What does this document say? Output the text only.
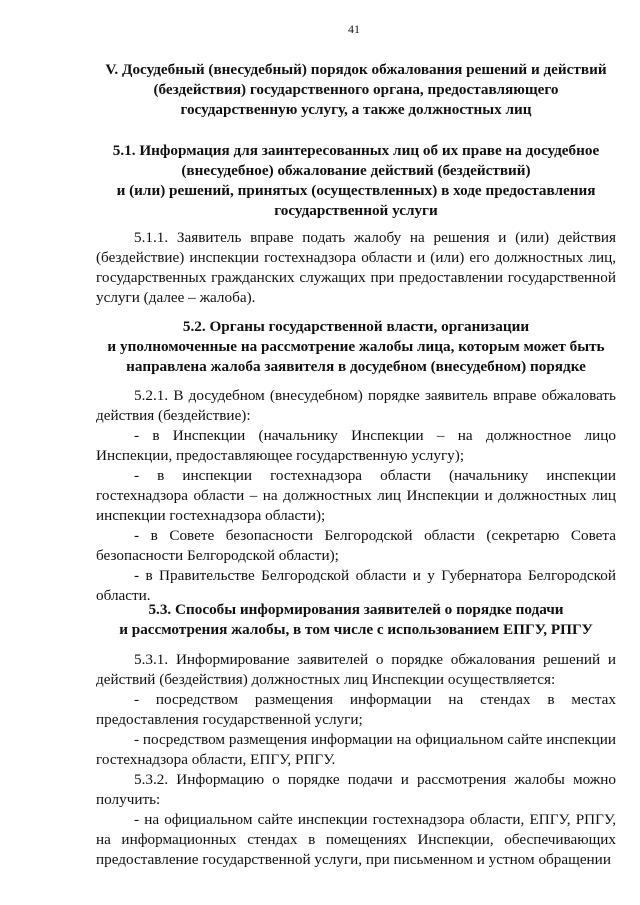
41
V. Досудебный (внесудебный) порядок обжалования решений и действий
(бездействия) государственного органа, предоставляющего
государственную услугу, а также должностных лиц
5.1. Информация для заинтересованных лиц об их праве на досудебное
(внесудебное) обжалование действий (бездействий)
и (или) решений, принятых (осуществленных) в ходе предоставления
государственной услуги

5.1.1. Заявитель вправе подать жалобу на решения и (или) действия (бездействие) инспекции гостехнадзора области и (или) его должностных лиц, государственных гражданских служащих при предоставлении государственной услуги (далее – жалоба).

5.2. Органы государственной власти, организации
и уполномоченные на рассмотрение жалобы лица, которым может быть
направлена жалоба заявителя в досудебном (внесудебном) порядке

5.2.1. В досудебном (внесудебном) порядке заявитель вправе обжаловать действия (бездействие):

- в Инспекции (начальнику Инспекции – на должностное лицо Инспекции, предоставляющее государственную услугу);

- в инспекции гостехнадзора области (начальнику инспекции гостехнадзора области – на должностных лиц Инспекции и должностных лиц инспекции гостехнадзора области);

- в Совете безопасности Белгородской области (секретарю Совета безопасности Белгородской области);

- в Правительстве Белгородской области и у Губернатора Белгородской области.

5.3. Способы информирования заявителей о порядке подачи
и рассмотрения жалобы, в том числе с использованием ЕПГУ, РПГУ

5.3.1. Информирование заявителей о порядке обжалования решений и действий (бездействия) должностных лиц Инспекции осуществляется:

- посредством размещения информации на стендах в местах предоставления государственной услуги;

- посредством размещения информации на официальном сайте инспекции гостехнадзора области, ЕПГУ, РПГУ.

5.3.2. Информацию о порядке подачи и рассмотрения жалобы можно получить:

- на официальном сайте инспекции гостехнадзора области, ЕПГУ, РПГУ, на информационных стендах в помещениях Инспекции, обеспечивающих предоставление государственной услуги, при письменном и устном обращении
